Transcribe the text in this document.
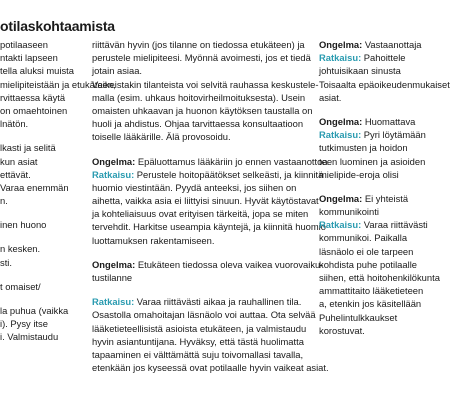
otilaskohtaamista
potilaaseen
ntakti lapseen
tella aluksi muista
mielipiteistään ja etukäteen,
rvittaessa käytä
on omaehtoinen
lnätön.
lkasti ja selitä
kun asiat
ettävät.
Varaa enemmän
n.
inen huono
n kesken.
sti.
t omaiset/
la puhua (vaikka
i). Pysy itse
i. Valmistaudu
riittävän hyvin (jos tilanne on tiedossa etukäteen) ja
perustele mielipiteesi. Myönnä avoimesti, jos et tiedä
jotain asiaa.
Vaikeistakin tilanteista voi selvitä rauhassa keskustele-
malla (esim. uhkaus hoitovirheilmoituksesta). Usein
omaisten uhkaavan ja huonon käytöksen taustalla on
huoli ja ahdistus. Ohjaa tarvittaessa konsultaatioon
toiselle lääkärille. Älä provosoidu.
Ongelma: Epäluottamus lääkäriin jo ennen vastaanottoa
Ratkaisu: Perustele hoitopäätökset selkeästi, ja kiinnitä
huomio viestintään. Pyydä anteeksi, jos siihen on
aihetta, vaikka asia ei liittyisi sinuun. Hyvät käytöstavat
ja kohteliaisuus ovat erityisen tärkeitä, jopa se miten
tervehdit. Harkitse useampia käyntejä, ja kiinnitä huomio
luottamuksen rakentamiseen.
Ongelma: Etukäteen tiedossa oleva vaikea vuorovaiku-
tustilanne
Ratkaisu: Varaa riittävästi aikaa ja rauhallinen tila.
Osastolla omahoitajan läsnäolo voi auttaa. Ota selvää
lääketieteellisistä asioista etukäteen, ja valmistaudu
hyvin asiantuntijana. Hyväksy, että tästä huolimatta
tapaaminen ei välttämättä suju toivomallasi tavalla,
etenkään jos kyseessä ovat potilaalle hyvin vaikeat asiat.
Ongelma: Vastaanottaja
Ratkaisu: Pahoittele
johtuisikaan sinusta
Toisaalta epäoikeudenmukaiset
asiat.
Ongelma: Huomattava
Ratkaisu: Pyri löytämään
tutkimusten ja hoidon
teen luominen ja asioiden
mielipide-eroja olisi
Ongelma: Ei yhteistä
kommunikointi
Ratkaisu: Varaa riittävästi
kommunikoi. Paikalla
läsnäolo ei ole tarpeen
kohdista puhe potilaalle
siihen, että hoitohenkilökunta
ammattitaito lääketieteen
a, etenkin jos käsitellään
Puhelintulkkaukset
korostuvat.
